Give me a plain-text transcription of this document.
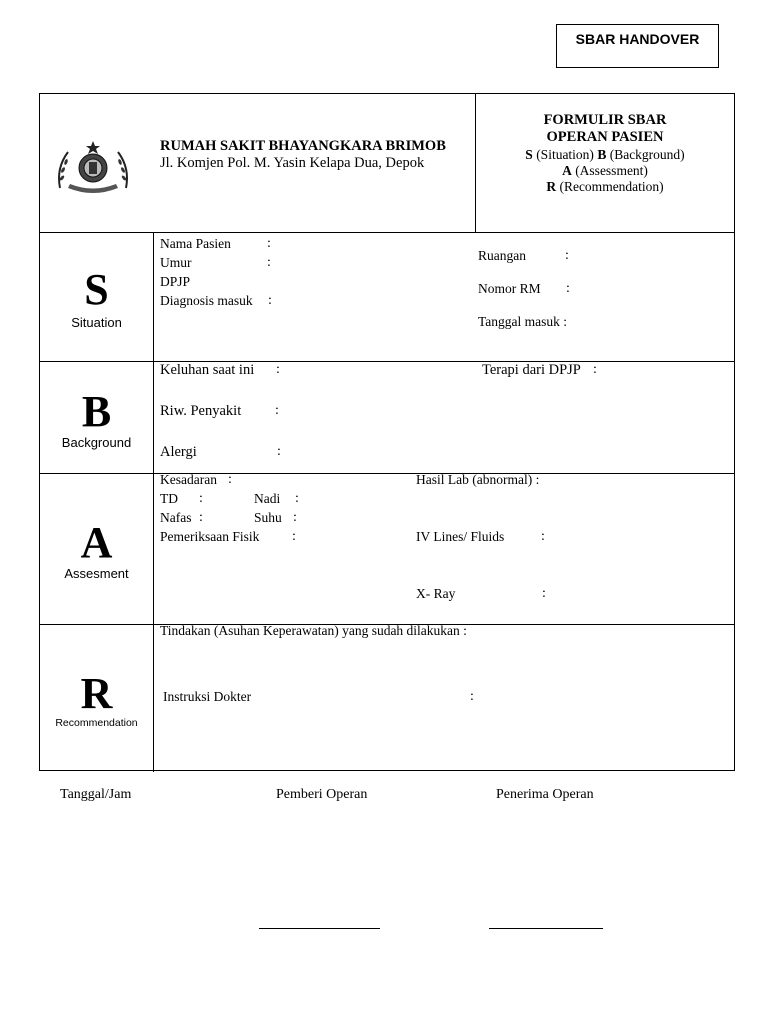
SBAR HANDOVER
RUMAH SAKIT BHAYANGKARA BRIMOB
Jl. Komjen Pol. M. Yasin Kelapa Dua, Depok
FORMULIR SBAR
OPERAN PASIEN
S (Situation) B (Background)
A (Assessment)
R (Recommendation)
S
Situation
Nama Pasien	:
Umur	:
DPJP
Diagnosis masuk :
Ruangan	:
Nomor RM :
Tanggal masuk :
B
Background
Keluhan saat ini :	Terapi dari DPJP :
Riw. Penyakit :
Alergi	:
A
Assesment
Kesadaran :
TD :	Nadi :
Nafas :	Suhu :
Pemeriksaan Fisik :
Hasil Lab (abnormal) :
IV Lines/ Fluids	:
X- Ray	:
R
Recommendation
Tindakan (Asuhan Keperawatan) yang sudah dilakukan :
Instruksi Dokter	:
Tanggal/Jam	Pemberi Operan	Penerima Operan
